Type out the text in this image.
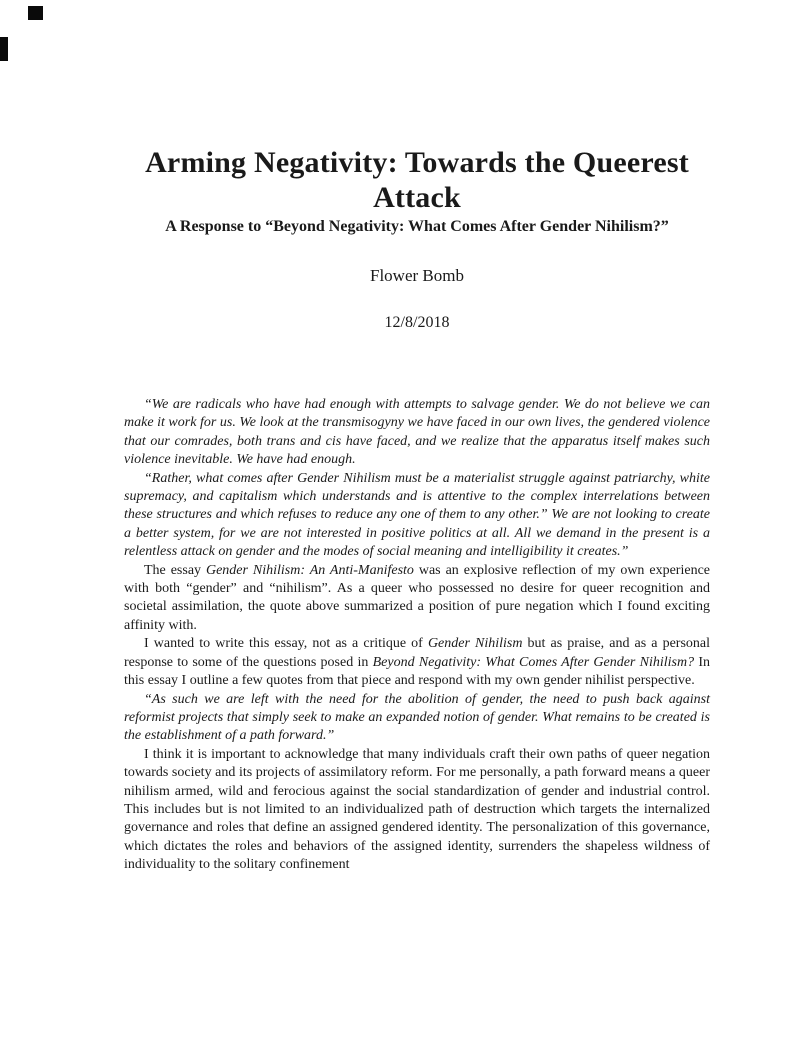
Arming Negativity: Towards the Queerest
Attack
A Response to “Beyond Negativity: What Comes After Gender Nihilism?”
Flower Bomb
12/8/2018

“We are radicals who have had enough with attempts to salvage gender. We do not believe we can make it work for us. We look at the transmisogyny we have faced in our own lives, the gendered violence that our comrades, both trans and cis have faced, and we realize that the apparatus itself makes such violence inevitable. We have had enough.

“Rather, what comes after Gender Nihilism must be a materialist struggle against patriarchy, white supremacy, and capitalism which understands and is attentive to the complex interrelations between these structures and which refuses to reduce any one of them to any other.” We are not looking to create a better system, for we are not interested in positive politics at all. All we demand in the present is a relentless attack on gender and the modes of social meaning and intelligibility it creates.”

The essay Gender Nihilism: An Anti-Manifesto was an explosive reflection of my own experience with both “gender” and “nihilism”. As a queer who possessed no desire for queer recognition and societal assimilation, the quote above summarized a position of pure negation which I found exciting affinity with.

I wanted to write this essay, not as a critique of Gender Nihilism but as praise, and as a personal response to some of the questions posed in Beyond Negativity: What Comes After Gender Nihilism? In this essay I outline a few quotes from that piece and respond with my own gender nihilist perspective.

“As such we are left with the need for the abolition of gender, the need to push back against reformist projects that simply seek to make an expanded notion of gender. What remains to be created is the establishment of a path forward.”

I think it is important to acknowledge that many individuals craft their own paths of queer negation towards society and its projects of assimilatory reform. For me personally, a path forward means a queer nihilism armed, wild and ferocious against the social standardization of gender and industrial control. This includes but is not limited to an individualized path of destruction which targets the internalized governance and roles that define an assigned gendered identity. The personalization of this governance, which dictates the roles and behaviors of the assigned identity, surrenders the shapeless wildness of individuality to the solitary confinement
